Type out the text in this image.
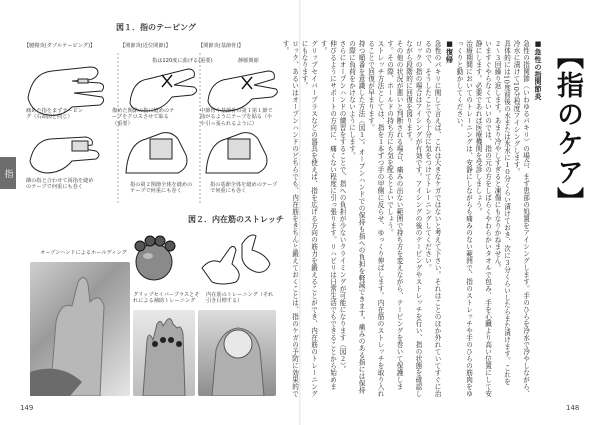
指
図１．指のテーピング
【腱鞘炎(ダブルテーピング)】	【関節炎(近位関節)】	【関節炎(基節骨)】
痛めた指をまずテーピング（右端図と同じ）
隣の指と合わせて両指を縫めのテープで何重にも巻く
指は120度に曲げる(重要)
傷めた関節の指に縫めのテープをクロスさせて貼る（重要）
指の第２関節全体を縫めのテープで何重にも巻く
静脈関節
中節骨や基節骨の第１第１節で曲がるようにテープを貼る（やや引っ張られるように）
指の基節全体を縫めのテープで何重にも巻く
図２．内在筋のストレッチ
オープンハンドによるホールディング
グリップセイバープラスとそれによる補助トレーニング
内在筋のトレーニング（それ引き目標する）
149
【指のケア】
■急性の指関節炎

急性の指関節（いわゆるパキリ）の場合、まず患部の処置をアイシングします。手のひらを冷水で冷やしながら、冷水に漬けて10分程度アイシングします。

具体的には10度前後の水または氷水に１０分くらい漬けておき、次に３分くらいしたらまた漬けます。これを２〜３回繰り返します。あまり冷やしすぎると凍傷にもなりかねません。

いますぐやらなくていいのでは、指の元の方をしばらくやわらかいタオルで包み、手を心臓より高い位置にして安静にします。必要であれば医療機関を受診しましょう。

治療期間においてのトレーニングは、安静にしながらも痛みのない範囲で、指のストレッチや手のひらの筋肉をゆっくりと動かしてください。

■復帰

急性のパキリに関して言えば、これは大きなケガではないと考えて下さい。それはことのほか外れていてすぐに治るので、そうしたことでも十分に気をつけてトレーニングしてください。

ロックの指の場合はアイシングが有効です。アイシングの後のテーピングやストレッチを行い、指の状態を確認しながら段階的に回復を図ります。

その他の状況が悪いと判断される場合、痛みの出ない範囲で持ち方を変えながら、テーピングを巻いて保護します。その際、ホールドの持ち方にも気を配るとよいでしょう。

ストレッチ方法としては、指を１本ずつ手の甲側に反らせ、ゆっくり伸ばします。内在筋のストレッチを取り入れることで回復が早まります。

持つ順番を意識した方法（図１）。オープンハンドでの保持も指への負担を軽減できます。痛みのある指には保持の際に負荷をかけないようにします。

さらにオープンハンドの練習をすることで、指への負担が少ないクライミングが可能になります（図２）。

伸びるようにサポートの方向に、痛くない程度に引っ張ります。リハビリは日常生活でもできることから始めます。

グリップセイバープラスなどの器具を使えば、指を広げる方向の筋力を鍛えることができ、内在筋のトレーニングにもなります。

ロック、あるいはオープンハンドのどちらでも、内在筋をきちんと鍛えておくことは、指のケガの予防に効果的です。

148
